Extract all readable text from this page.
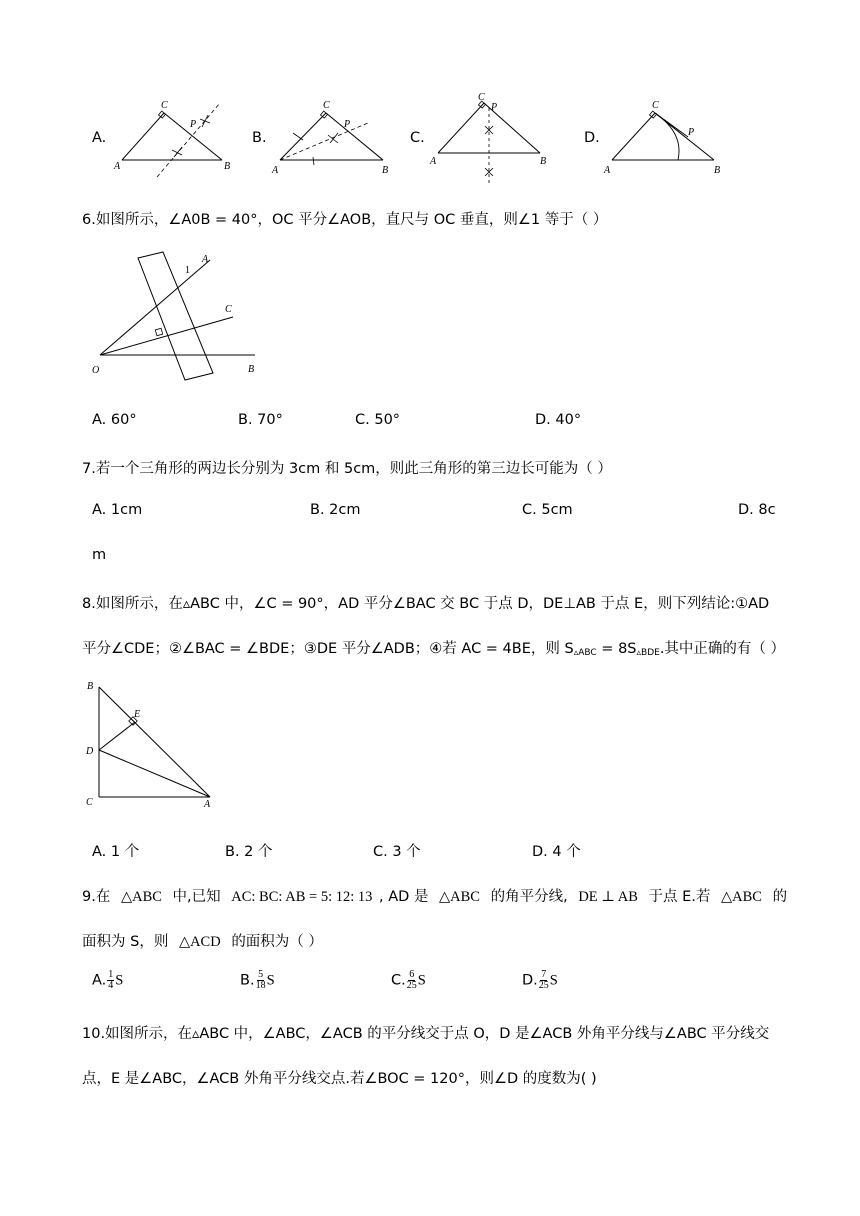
A.
A	B
C
P
B.
A	B
C
P
C.
A	B
C
P
D.
A	B
C
P
6.如图所示，∠A0B = 40°，OC 平分∠AOB，直尺与 OC 垂直，则∠1 等于（ ）
O
A
B
C
1
A. 60°	B. 70°	C. 50°	D. 40°
7.若一个三角形的两边长分别为 3cm 和 5cm，则此三角形的第三边长可能为（ ）
A. 1cm	B. 2cm	C. 5cm	D. 8c
m
8.如图所示，在▵ABC 中，∠C = 90°，AD 平分∠BAC 交 BC 于点 D，DE⊥AB 于点 E，则下列结论:①AD
平分∠CDE；②∠BAC = ∠BDE；③DE 平分∠ADB；④若 AC = 4BE，则 $S_{▵ABC} = 8S_{▵BDE}$.其中正确的有（ ）
B
E
D
C	A
A. 1 个	B. 2 个	C. 3 个	D. 4 个
9.在 △ABC 中,已知 AC: BC: AB = 5: 12: 13 , AD 是 △ABC 的角平分线, DE ⊥ AB 于点 E.若 △ABC 的
面积为 S，则 △ACD 的面积为（ ）
A. $\frac{1}{4}$ S	B. $\frac{5}{18}$ S	C. $\frac{6}{25}$ S	D. $\frac{7}{25}$ S
10.如图所示，在▵ABC 中，∠ABC，∠ACB 的平分线交于点 O，D 是∠ACB 外角平分线与∠ABC 平分线交
点，E 是∠ABC，∠ACB 外角平分线交点.若∠BOC = 120°，则∠D 的度数为( )
